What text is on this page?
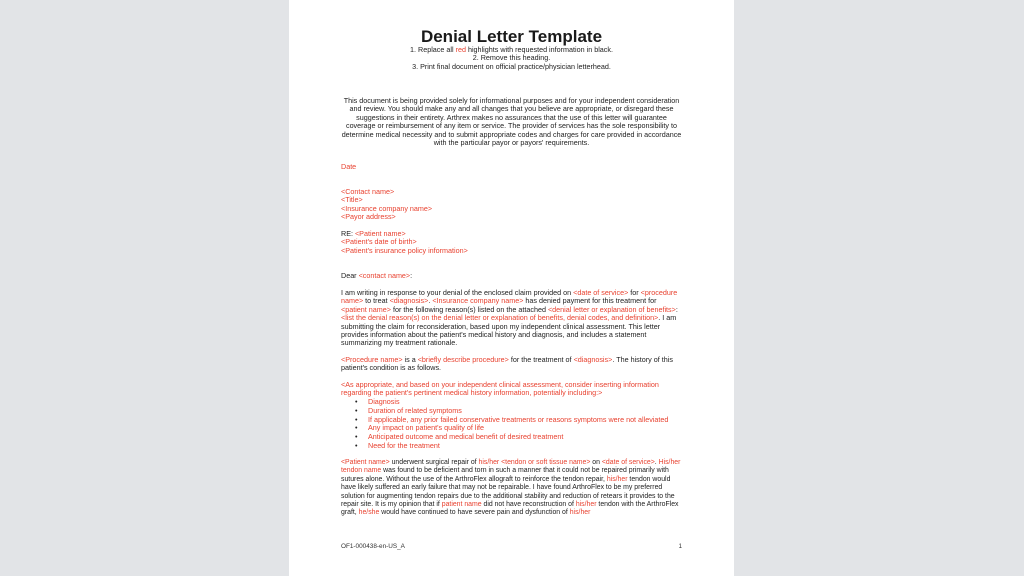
Denial Letter Template
1. Replace all red highlights with requested information in black.
2. Remove this heading.
3. Print final document on official practice/physician letterhead.
This document is being provided solely for informational purposes and for your independent consideration and review. You should make any and all changes that you believe are appropriate, or disregard these suggestions in their entirety. Arthrex makes no assurances that the use of this letter will guarantee coverage or reimbursement of any item or service. The provider of services has the sole responsibility to determine medical necessity and to submit appropriate codes and charges for care provided in accordance with the particular payor or payors' requirements.
Date
<Contact name>
<Title>
<Insurance company name>
<Payor address>
RE: <Patient name>
<Patient's date of birth>
<Patient's insurance policy information>
Dear <contact name>:
I am writing in response to your denial of the enclosed claim provided on <date of service> for <procedure name> to treat <diagnosis>. <Insurance company name> has denied payment for this treatment for <patient name> for the following reason(s) listed on the attached <denial letter or explanation of benefits>: <list the denial reason(s) on the denial letter or explanation of benefits, denial codes, and definition>. I am submitting the claim for reconsideration, based upon my independent clinical assessment. This letter provides information about the patient's medical history and diagnosis, and includes a statement summarizing my treatment rationale.
<Procedure name> is a <briefly describe procedure> for the treatment of <diagnosis>. The history of this patient's condition is as follows.
<As appropriate, and based on your independent clinical assessment, consider inserting information regarding the patient's pertinent medical history information, potentially including:>
• Diagnosis
• Duration of related symptoms
• If applicable, any prior failed conservative treatments or reasons symptoms were not alleviated
• Any impact on patient's quality of life
• Anticipated outcome and medical benefit of desired treatment
• Need for the treatment
<Patient name> underwent surgical repair of his/her <tendon or soft tissue name> on <date of service>. His/her tendon name was found to be deficient and torn in such a manner that it could not be repaired primarily with sutures alone. Without the use of the ArthroFlex allograft to reinforce the tendon repair, his/her tendon would have likely suffered an early failure that may not be repairable. I have found ArthroFlex to be my preferred solution for augmenting tendon repairs due to the additional stability and reduction of retears it provides to the repair site. It is my opinion that if patient name did not have reconstruction of his/her tendon with the ArthroFlex graft, he/she would have continued to have severe pain and dysfunction of his/her
OF1-000438-en-US_A	1
